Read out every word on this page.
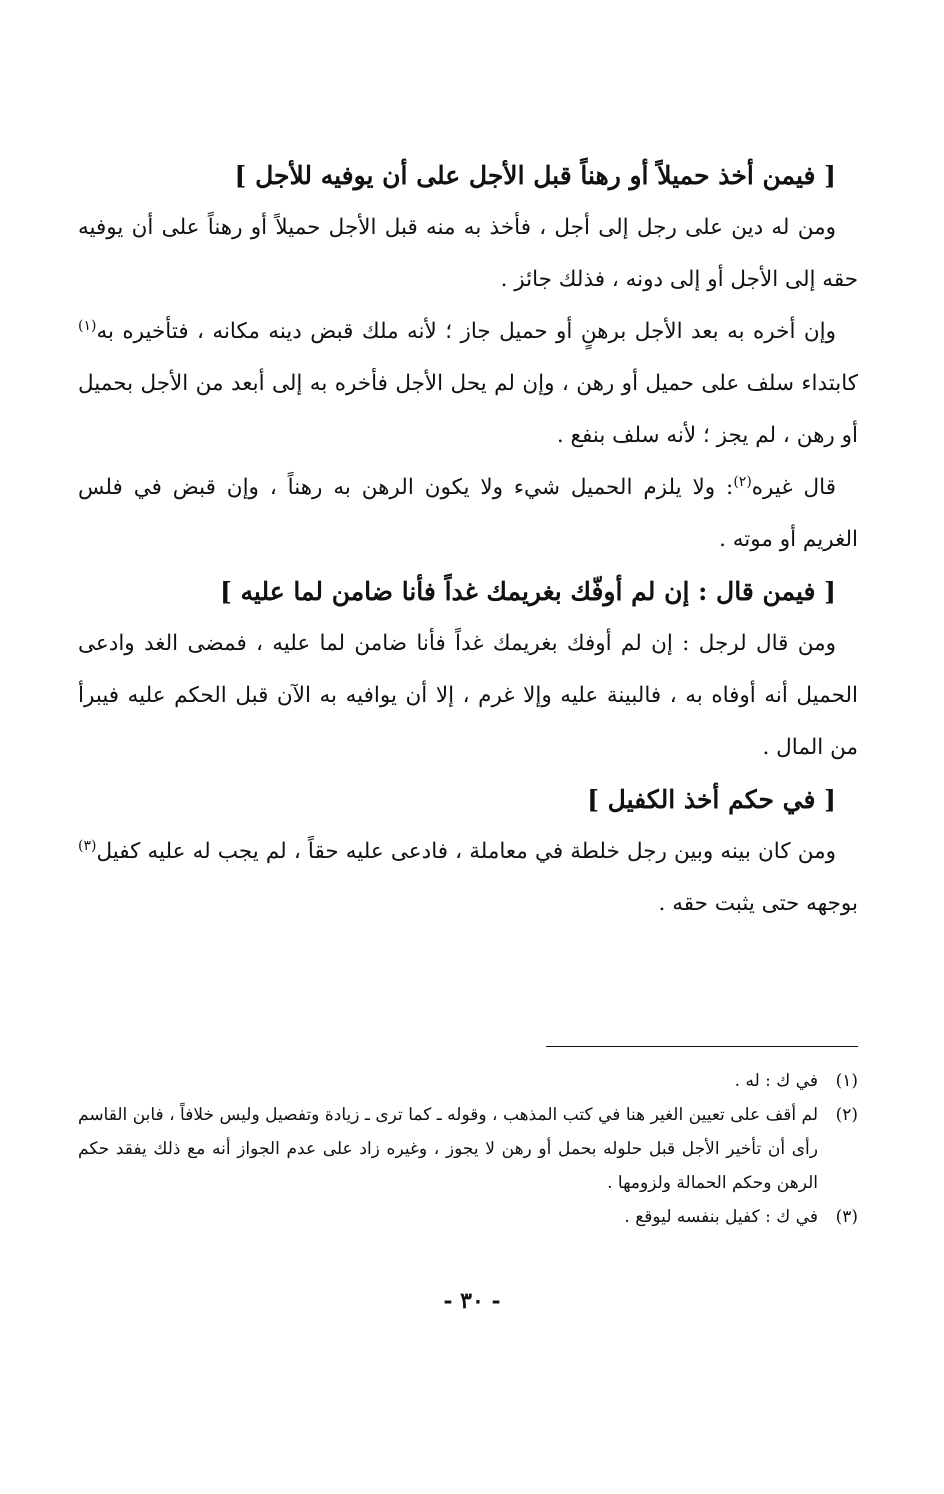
[ فيمن أخذ حميلاً أو رهناً قبل الأجل على أن يوفيه للأجل ]

ومن له دين على رجل إلى أجل ، فأخذ به منه قبل الأجل حميلاً أو رهناً على أن يوفيه حقه إلى الأجل أو إلى دونه ، فذلك جائز .

وإن أخره به بعد الأجل برهنٍ أو حميل جاز ؛ لأنه ملك قبض دينه مكانه ، فتأخيره به$^{(١)}$ كابتداء سلف على حميل أو رهن ، وإن لم يحل الأجل فأخره به إلى أبعد من الأجل بحميل أو رهن ، لم يجز ؛ لأنه سلف بنفع .

قال غيره$^{(٢)}$: ولا يلزم الحميل شيء ولا يكون الرهن به رهناً ، وإن قبض في فلس الغريم أو موته .

[ فيمن قال : إن لم أوفّك بغريمك غداً فأنا ضامن لما عليه ]

ومن قال لرجل : إن لم أوفك بغريمك غداً فأنا ضامن لما عليه ، فمضى الغد وادعى الحميل أنه أوفاه به ، فالبينة عليه وإلا غرم ، إلا أن يوافيه به الآن قبل الحكم عليه فيبرأ من المال .

[ في حكم أخذ الكفيل ]

ومن كان بينه وبين رجل خلطة في معاملة ، فادعى عليه حقاً ، لم يجب له عليه كفيل$^{(٣)}$ بوجهه حتى يثبت حقه .

(١)
في ك : له .
(٢)
لم أقف على تعيين الغير هنا في كتب المذهب ، وقوله ـ كما ترى ـ زيادة وتفصيل وليس خلافاً ، فابن القاسم رأى أن تأخير الأجل قبل حلوله بحمل أو رهن لا يجوز ، وغيره زاد على عدم الجواز أنه مع ذلك يفقد حكم الرهن وحكم الحمالة ولزومها .
(٣)
في ك : كفيل بنفسه ليوقع .
- ٣٠ -
